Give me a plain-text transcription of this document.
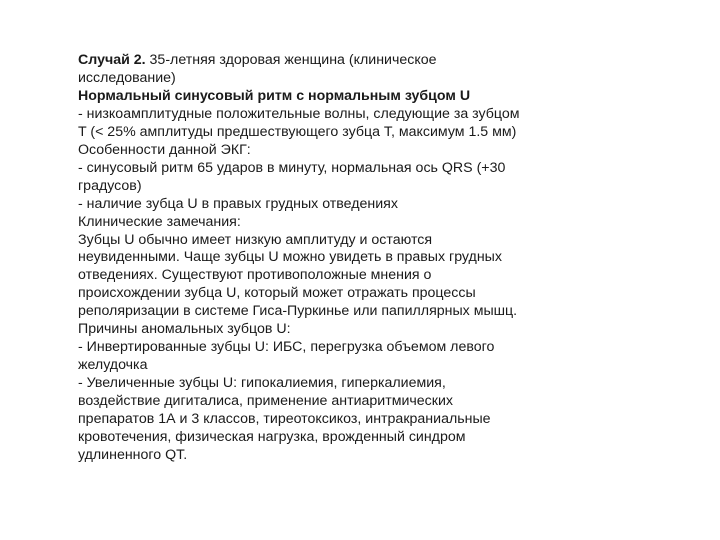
Случай 2. 35-летняя здоровая женщина (клиническое
исследование)
Нормальный синусовый ритм с нормальным зубцом U
- низкоамплитудные положительные волны, следующие за зубцом
T (< 25% амплитуды предшествующего зубца T, максимум 1.5 мм)
Особенности данной ЭКГ:
- синусовый ритм 65 ударов в минуту, нормальная ось QRS (+30
градусов)
- наличие зубца U в правых грудных отведениях
Клинические замечания:
Зубцы U обычно имеет низкую амплитуду и остаются
неувиденными. Чаще зубцы U можно увидеть в правых грудных
отведениях. Существуют противоположные мнения о
происхождении зубца U, который может отражать процессы
реполяризации в системе Гиса-Пуркинье или папиллярных мышц.
Причины аномальных зубцов U:
- Инвертированные зубцы U: ИБС, перегрузка объемом левого
желудочка
- Увеличенные зубцы U: гипокалиемия, гиперкалиемия,
воздействие дигиталиса, применение антиаритмических
препаратов 1А и 3 классов, тиреотоксикоз, интракраниальные
кровотечения, физическая нагрузка, врожденный синдром
удлиненного QT.
